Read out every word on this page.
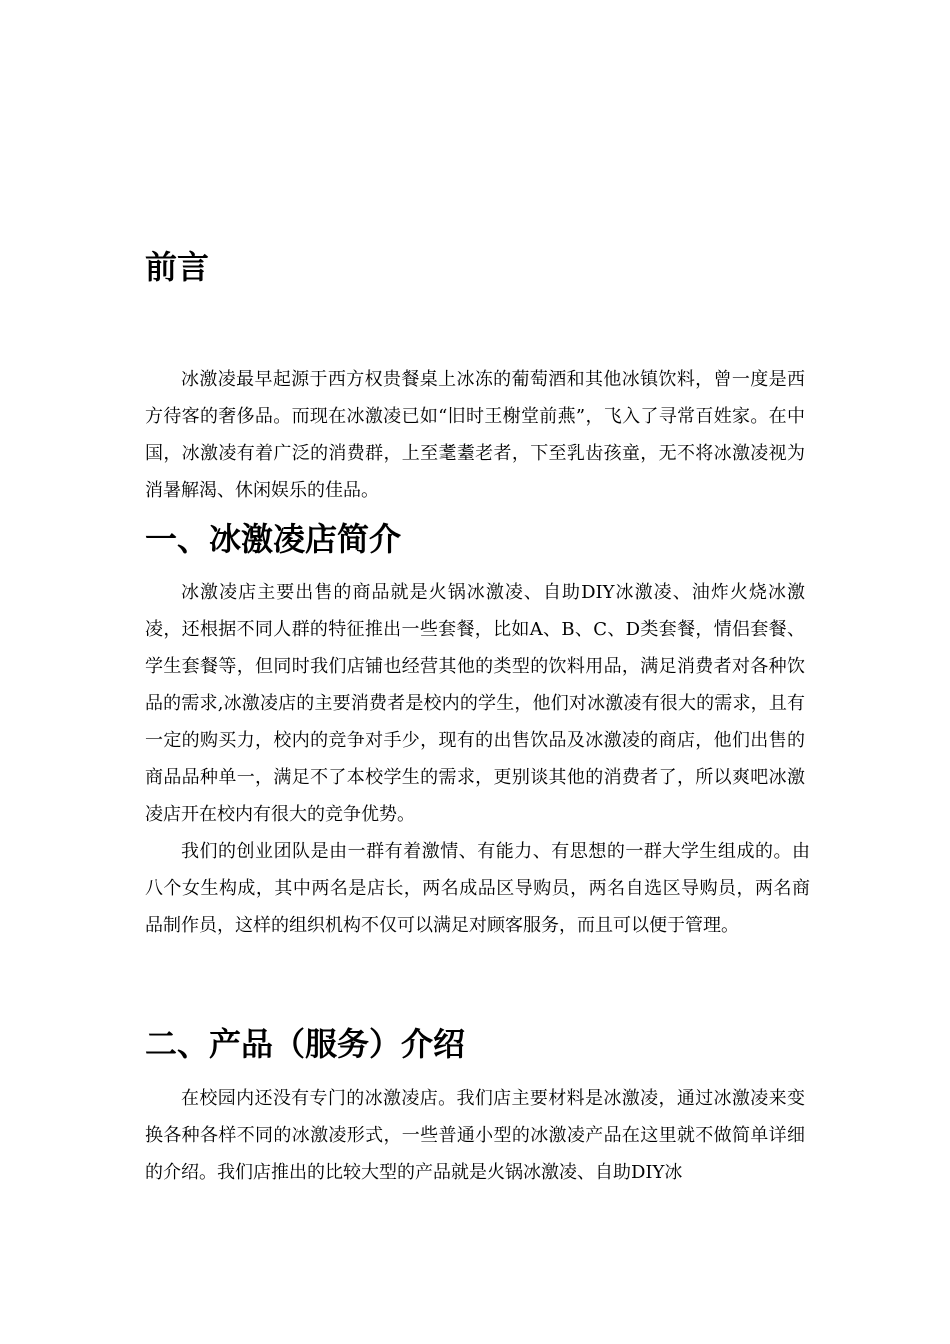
前言

冰激凌最早起源于西方权贵餐桌上冰冻的葡萄酒和其他冰镇饮料，曾一度是西方待客的奢侈品。而现在冰激凌已如“旧时王榭堂前燕”，飞入了寻常百姓家。在中国，冰激凌有着广泛的消费群，上至耄耋老者，下至乳齿孩童，无不将冰激凌视为消暑解渴、休闲娱乐的佳品。

一、冰激凌店简介

冰激凌店主要出售的商品就是火锅冰激凌、自助DIY冰激凌、油炸火烧冰激凌，还根据不同人群的特征推出一些套餐，比如A、B、C、D类套餐，情侣套餐、学生套餐等，但同时我们店铺也经营其他的类型的饮料用品，满足消费者对各种饮品的需求,冰激凌店的主要消费者是校内的学生，他们对冰激凌有很大的需求，且有一定的购买力，校内的竞争对手少，现有的出售饮品及冰激凌的商店，他们出售的商品品种单一，满足不了本校学生的需求，更别谈其他的消费者了，所以爽吧冰激凌店开在校内有很大的竞争优势。

我们的创业团队是由一群有着激情、有能力、有思想的一群大学生组成的。由八个女生构成，其中两名是店长，两名成品区导购员，两名自选区导购员，两名商品制作员，这样的组织机构不仅可以满足对顾客服务，而且可以便于管理。

二、产品（服务）介绍

在校园内还没有专门的冰激凌店。我们店主要材料是冰激凌，通过冰激凌来变换各种各样不同的冰激凌形式，一些普通小型的冰激凌产品在这里就不做简单详细的介绍。我们店推出的比较大型的产品就是火锅冰激凌、自助DIY冰
